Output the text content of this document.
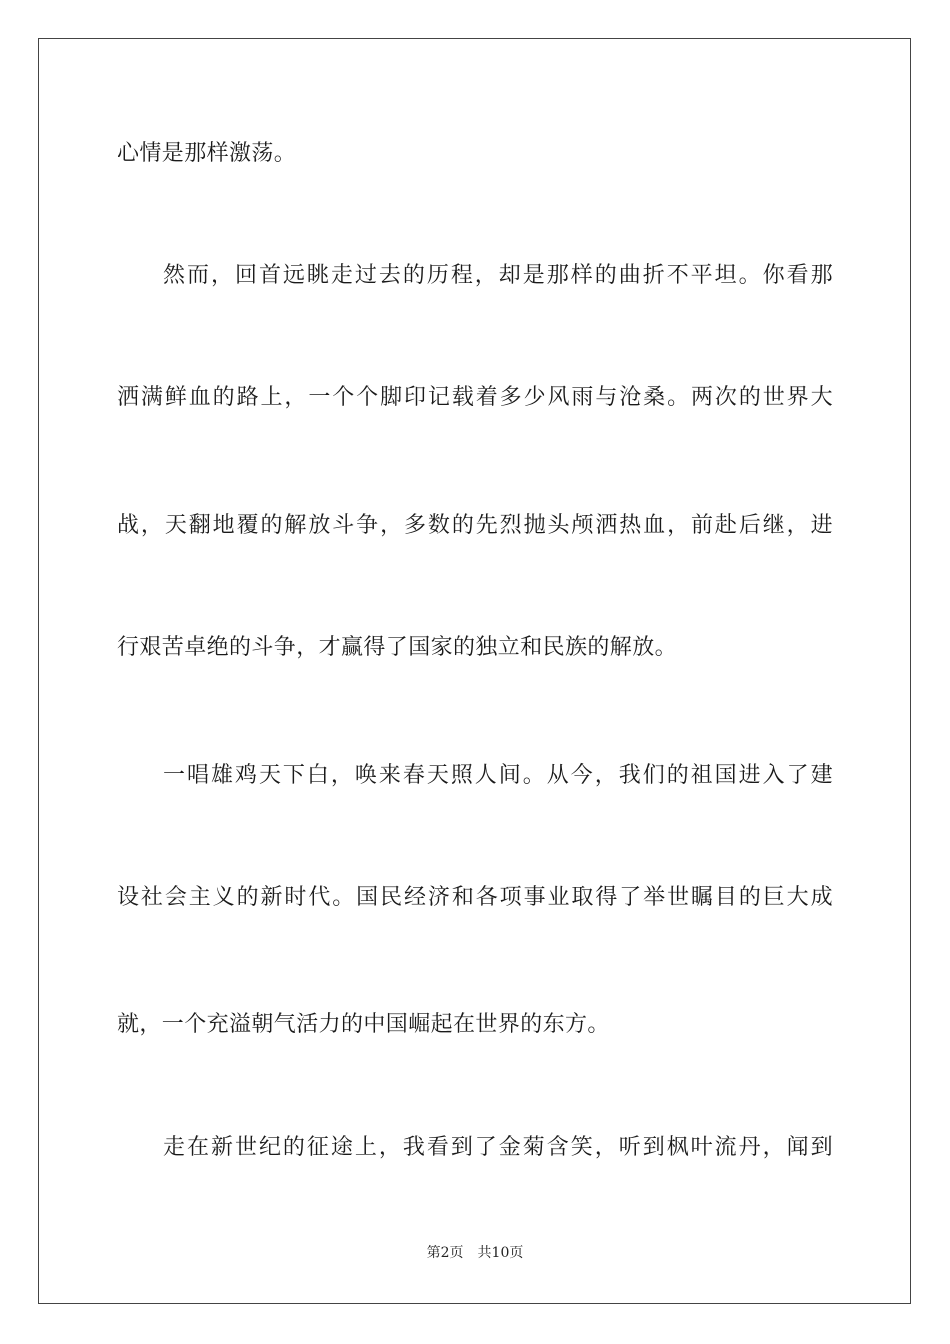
心情是那样激荡。
然而，回首远眺走过去的历程，却是那样的曲折不平坦。你看那
洒满鲜血的路上，一个个脚印记载着多少风雨与沧桑。两次的世界大
战，天翻地覆的解放斗争，多数的先烈抛头颅洒热血，前赴后继，进
行艰苦卓绝的斗争，才赢得了国家的独立和民族的解放。
一唱雄鸡天下白，唤来春天照人间。从今，我们的祖国进入了建
设社会主义的新时代。国民经济和各项事业取得了举世瞩目的巨大成
就，一个充溢朝气活力的中国崛起在世界的东方。
走在新世纪的征途上，我看到了金菊含笑，听到枫叶流丹，闻到
第2页 共10页
